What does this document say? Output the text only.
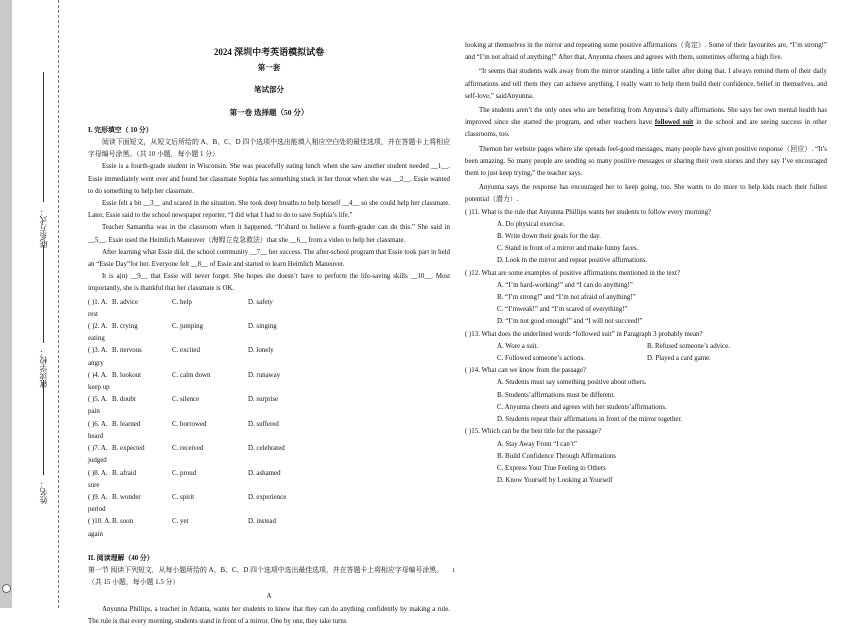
联系方式：
就读学校：
姓名：
2024 深圳中考英语模拟试卷
第一套
笔试部分
第一卷 选择题（50 分）
I. 完形填空（ 10 分）

阅读下面短文，从短文后所给的 A、B、C、D 四个选项中选出能填入相应空白处的最佳选项，并在答题卡上将相应字母编号涂黑。（共 10 小题，每小题 1 分）

Essie is a fourth-grade student in Wisconsin. She was peacefully eating lunch when she saw another student needed __1__. Essie immediately went over and found her classmate Sophia has something stuck in her throat when she was __2__. Essie wanted to do something to help her classmate.

Essie felt a bit __3__ and scared in the situation. She took deep breaths to help herself __4__ so she could help her classmate. Later, Essie said to the school newspaper reporter, “I did what I had to do to save Sophia’s life.”

Teacher Samantha was in the classroom when it happened. “It’shard to believe a fourth-grader can do this.” She said in __5__. Essie used the Heimlich Maneuver（海姆立克急救法）that she __6__ from a video to help her classmate.

After learning what Essie did, the school community __7__ her success. The after-school program that Essie took part in held an “Essie Day”for her. Everyone felt __8__ of Essie and started to learn Heimlich Maneuver.

It is a(n) __9__ that Essie will never forget. She hopes she doesn’t have to perform the life-saving skills __10__. Most importantly, she is thankful that her classmate is OK.

( )1. A. rest
B. advice	C. help	D. safety
( )2. A. eating
B. crying	C. jumping	D. singing
( )3. A. angry
B. nervous	C. excited	D. lonely
( )4. A. keep up
B. lookout	C. calm down	D. runaway
( )5. A. pain
B. doubt	C. silence	D. surprise
( )6. A. heard
B. learned	C. borrowed	D. suffered
( )7. A. judged
B. expected	C. received	D. celebrated
( )8. A. sure
B. afraid	C. proud	D. ashamed
( )9. A. period
B. wonder	C. spirit	D. experience
( )10. A. again
B. soon	C. yet	D. instead
II. 阅读理解（40 分）

第一节 阅读下列短文，从每小题所给的 A、B、C、D 四个选项中选出最佳选项，并在答题卡上将相应字母编号涂黑。（共 15 小题，每小题 1.5 分）

A

Anyunna Phillips, a teacher in Atlanta, wants her students to know that they can do anything confidently by making a rule. The rule is that every morning, students stand in front of a mirror. One by one, they take turns

looking at themselves in the mirror and repeating some positive affirmations（肯定）. Some of their favourites are, “I’m strong!” and “I’m not afraid of anything!” After that, Anyunna cheers and agrees with them, sometimes offering a high five.

“It seems that students walk away from the mirror standing a little taller after doing that. I always remind them of their daily affirmations and tell them they can achieve anything. I really want to help them build their confidence, belief in themselves, and self-love,” saidAnyunna.

The students aren’t the only ones who are benefiting from Anyunna’s daily affirmations. She says her own mental health has improved since she started the program, and other teachers have followed suit in the school and are seeing success in other classrooms, too.

Themon her website pages where she spreads feel-good messages, many people have given positive response（回应）. “It’s been amazing. So many people are sending so many positive messages or sharing their own stories and they say I’ve encouraged them to just keep trying,” the teacher says.

Anyunna says the response has encouraged her to keep going, too. She wants to do more to help kids reach their fullest potential（潜力）.

( )11. What is the rule that Anyunna Phillips wants her students to follow every morning?
A. Do physical exercise.
B. Write down their goals for the day.
C. Stand in front of a mirror and make funny faces.
D. Look in the mirror and repeat positive affirmations.
( )12. What are some examples of positive affirmations mentioned in the text?
A. “I’m hard-working!” and “I can do anything!”
B. “I’m strong!” and “I’m not afraid of anything!”
C. “I’mweak!” and “I’m scared of everything!”
D. “I’m not good enough!” and “I will not succeed!”
( )13. What does the underlined words “followed suit” in Paragraph 3 probably mean?
A. Wore a suit.	B. Refused someone’s advice.
C. Followed someone’s actions.	D. Played a card game.
( )14. What can we know from the passage?
A. Students must say something positive about others.
B. Students’affirmations must be different.
C. Anyunna cheers and agrees with her students’affirmations.
D. Students repeat their affirmations in front of the mirror together.
( )15. Which can be the best title for the passage?
A. Stay Away From “I can’t”
B. Build Confidence Through Affirmations
C. Express Your True Feeling to Others
D. Know Yourself by Looking at Yourself
1
